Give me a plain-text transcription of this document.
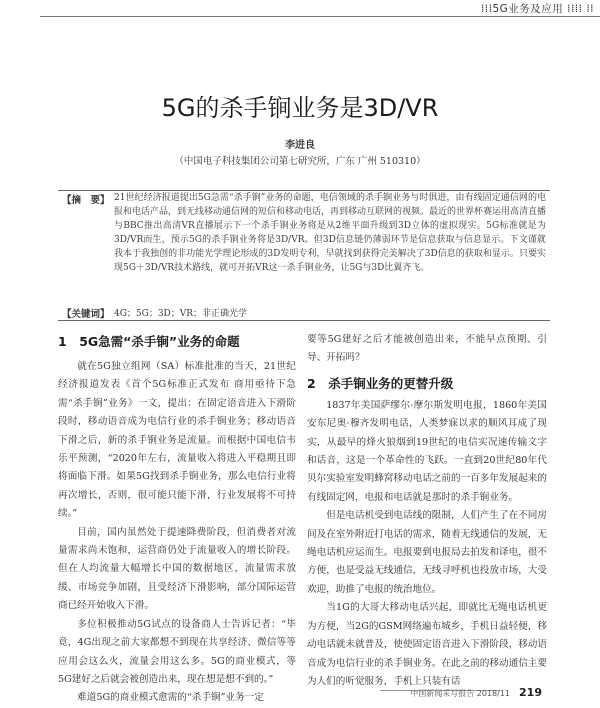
⁞⁞⁞5G业务及应用 ⁞⁞⁞⁞ ⁞⁞
5G的杀手锏业务是3D/VR
李进良
（中国电子科技集团公司第七研究所，广东 广州 510310）
【摘　要】 21世纪经济报道提出5G急需“杀手锏”业务的命题，电信领域的杀手锏业务与时俱进，由有线固定通信网的电报和电话产品，到无线移动通信网的短信和移动电话，再到移动互联网的视频。最近的世界杯赛运用高清直播与BBC推出高清VR直播展示下一个杀手锏业务将是从2维平面升级到3D立体的虚拟现实。5G标准就是为3D/VR而生，预示5G的杀手锏业务将是3D/VR。但3D信息链仍薄弱环节是信息获取与信息显示。下文谨就我本于我独创的非功能光学理论形成的3D发明专利，早就找到获得完美解决了3D信息的获取和显示。只要实现5G＋3D/VR技术路线，就可开拓VR这一杀手锏业务，让5G与3D比翼齐飞。
【关键词】 4G；5G；3D；VR；非正确光学
1　5G急需“杀手锏”业务的命题

就在5G独立组网（SA）标准批准的当天，21世纪经济报道发表《首个5G标准正式发布 商用亟待下急需“杀手锏”业务》一文，提出：在固定语音进入下滑阶段时，移动语音成为电信行业的杀手锏业务；移动语音下滑之后，新的杀手锏业务是流量。而根据中国电信韦乐平预测，“2020年左右，流量收入将进入平稳期且即将面临下滑。如果5G找到杀手锏业务，那么电信行业将再次增长，否则，很可能只能下滑，行业发展将不可持续。”

目前，国内虽然处于提速降费阶段，但消费者对流量需求尚未饱和，运营商仍处于流量收入的增长阶段。但在人均流量大幅增长中国的数据地区，流量需求放缓、市场竞争加剧，且受经济下滑影响，部分国际运营商已经开始收入下滑。

多位积极推动5G试点的设备商人士告诉记者：“毕竟，4G出现之前大家都想不到现在共享经济、微信等等应用会这么火，流量会用这么多。5G的商业模式，等5G建好之后就会被创造出来，现在想是想不到的。”

难道5G的商业模式愈需的“杀手锏”业务一定

要等5G建好之后才能被创造出来，不能早点预期、引导、开拓吗？

2　杀手锏业务的更替升级

1837年美国萨缪尔·摩尔斯发明电报，1860年美国安东尼奥·穆齐发明电话，人类梦寐以求的顺风耳成了现实，从最早的烽火狼烟到19世纪的电信实况速传输文字和话音，这是一个革命性的飞跃。一直到20世纪80年代贝尔实验室发明蜂窝移动电话之前的一百多年发展起来的有线固定网，电报和电话就是那时的杀手锏业务。

但是电话机受到电话线的限制，人们产生了在不同房间及在室外附近打电话的需求，随着无线通信的发展，无绳电话机应运而生。电报要到电报局去拍发和译电，很不方便，也是受益无线通信，无线寻呼机也投放市场，大受欢迎，助推了电报的统治地位。

当1G的大哥大移动电话兴起，即就比无绳电话机更为方便，当2G的GSM网络遍布城乡，手机日益轻便，移动电话就未就普及，使使固定语音进入下滑阶段，移动语音成为电信行业的杀手锏业务。在此之前的移动通信主要为人们的听觉服务，手机上只装有话

中国新闻采写报告 2018/11 219
